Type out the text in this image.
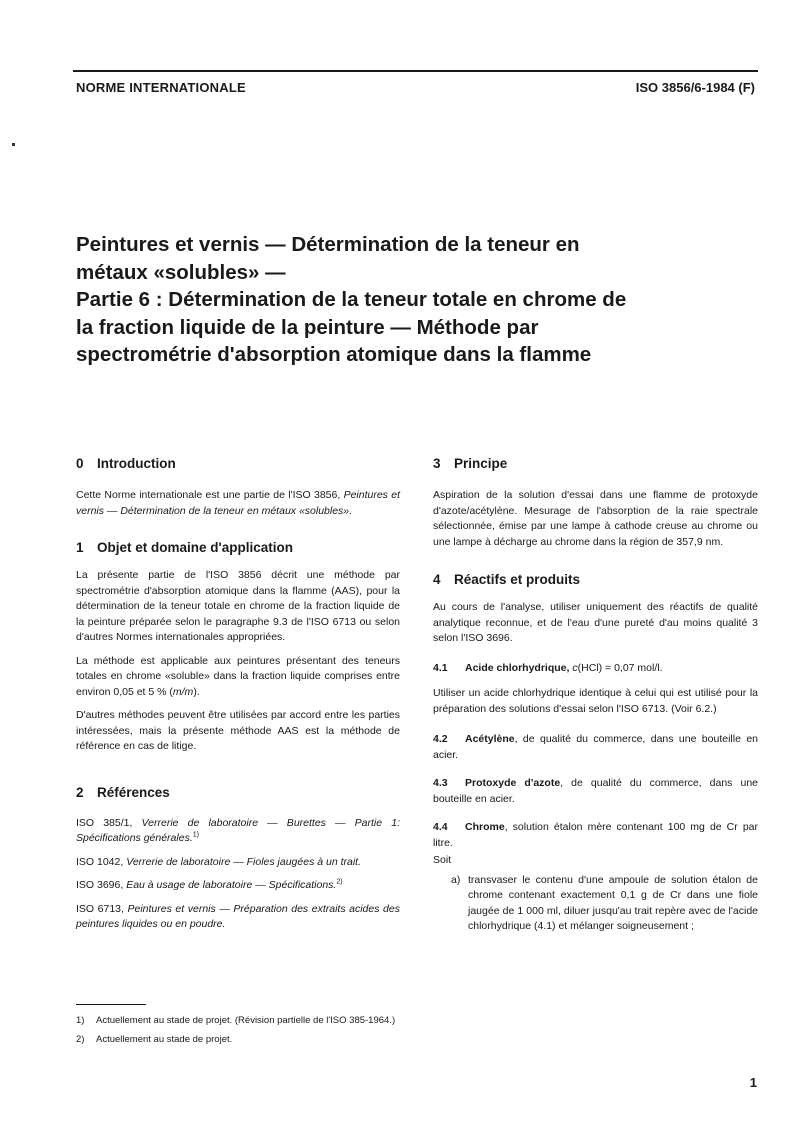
NORME INTERNATIONALE	ISO 3856/6-1984 (F)
Peintures et vernis — Détermination de la teneur en
métaux «solubles» —
Partie 6 : Détermination de la teneur totale en chrome de
la fraction liquide de la peinture — Méthode par
spectrométrie d'absorption atomique dans la flamme
0 Introduction

Cette Norme internationale est une partie de l'ISO 3856, Peintures et vernis — Détermination de la teneur en métaux «solubles».

1 Objet et domaine d'application

La présente partie de l'ISO 3856 décrit une méthode par spectrométrie d'absorption atomique dans la flamme (AAS), pour la détermination de la teneur totale en chrome de la fraction liquide de la peinture préparée selon le paragraphe 9.3 de l'ISO 6713 ou selon d'autres Normes internationales appropriées.

La méthode est applicable aux peintures présentant des teneurs totales en chrome «soluble» dans la fraction liquide comprises entre environ 0,05 et 5 % (m/m).

D'autres méthodes peuvent être utilisées par accord entre les parties intéressées, mais la présente méthode AAS est la méthode de référence en cas de litige.

2 Références

ISO 385/1, Verrerie de laboratoire — Burettes — Partie 1: Spécifications générales.$^{1)}$

ISO 1042, Verrerie de laboratoire — Fioles jaugées à un trait.

ISO 3696, Eau à usage de laboratoire — Spécifications.$^{2)}$

ISO 6713, Peintures et vernis — Préparation des extraits acides des peintures liquides ou en poudre.

3 Principe

Aspiration de la solution d'essai dans une flamme de protoxyde d'azote/acétylène. Mesurage de l'absorption de la raie spectrale sélectionnée, émise par une lampe à cathode creuse au chrome ou une lampe à décharge au chrome dans la région de 357,9 nm.

4 Réactifs et produits

Au cours de l'analyse, utiliser uniquement des réactifs de qualité analytique reconnue, et de l'eau d'une pureté d'au moins qualité 3 selon l'ISO 3696.

4.1 Acide chlorhydrique, c(HCl) = 0,07 mol/l.

Utiliser un acide chlorhydrique identique à celui qui est utilisé pour la préparation des solutions d'essai selon l'ISO 6713. (Voir 6.2.)

4.2 Acétylène, de qualité du commerce, dans une bouteille en acier.

4.3 Protoxyde d'azote, de qualité du commerce, dans une bouteille en acier.

4.4 Chrome, solution étalon mère contenant 100 mg de Cr par litre.

Soit

a) transvaser le contenu d'une ampoule de solution étalon de chrome contenant exactement 0,1 g de Cr dans une fiole jaugée de 1 000 ml, diluer jusqu'au trait repère avec de l'acide chlorhydrique (4.1) et mélanger soigneusement ;

1) Actuellement au stade de projet. (Révision partielle de l'ISO 385-1964.)
2) Actuellement au stade de projet.
1
